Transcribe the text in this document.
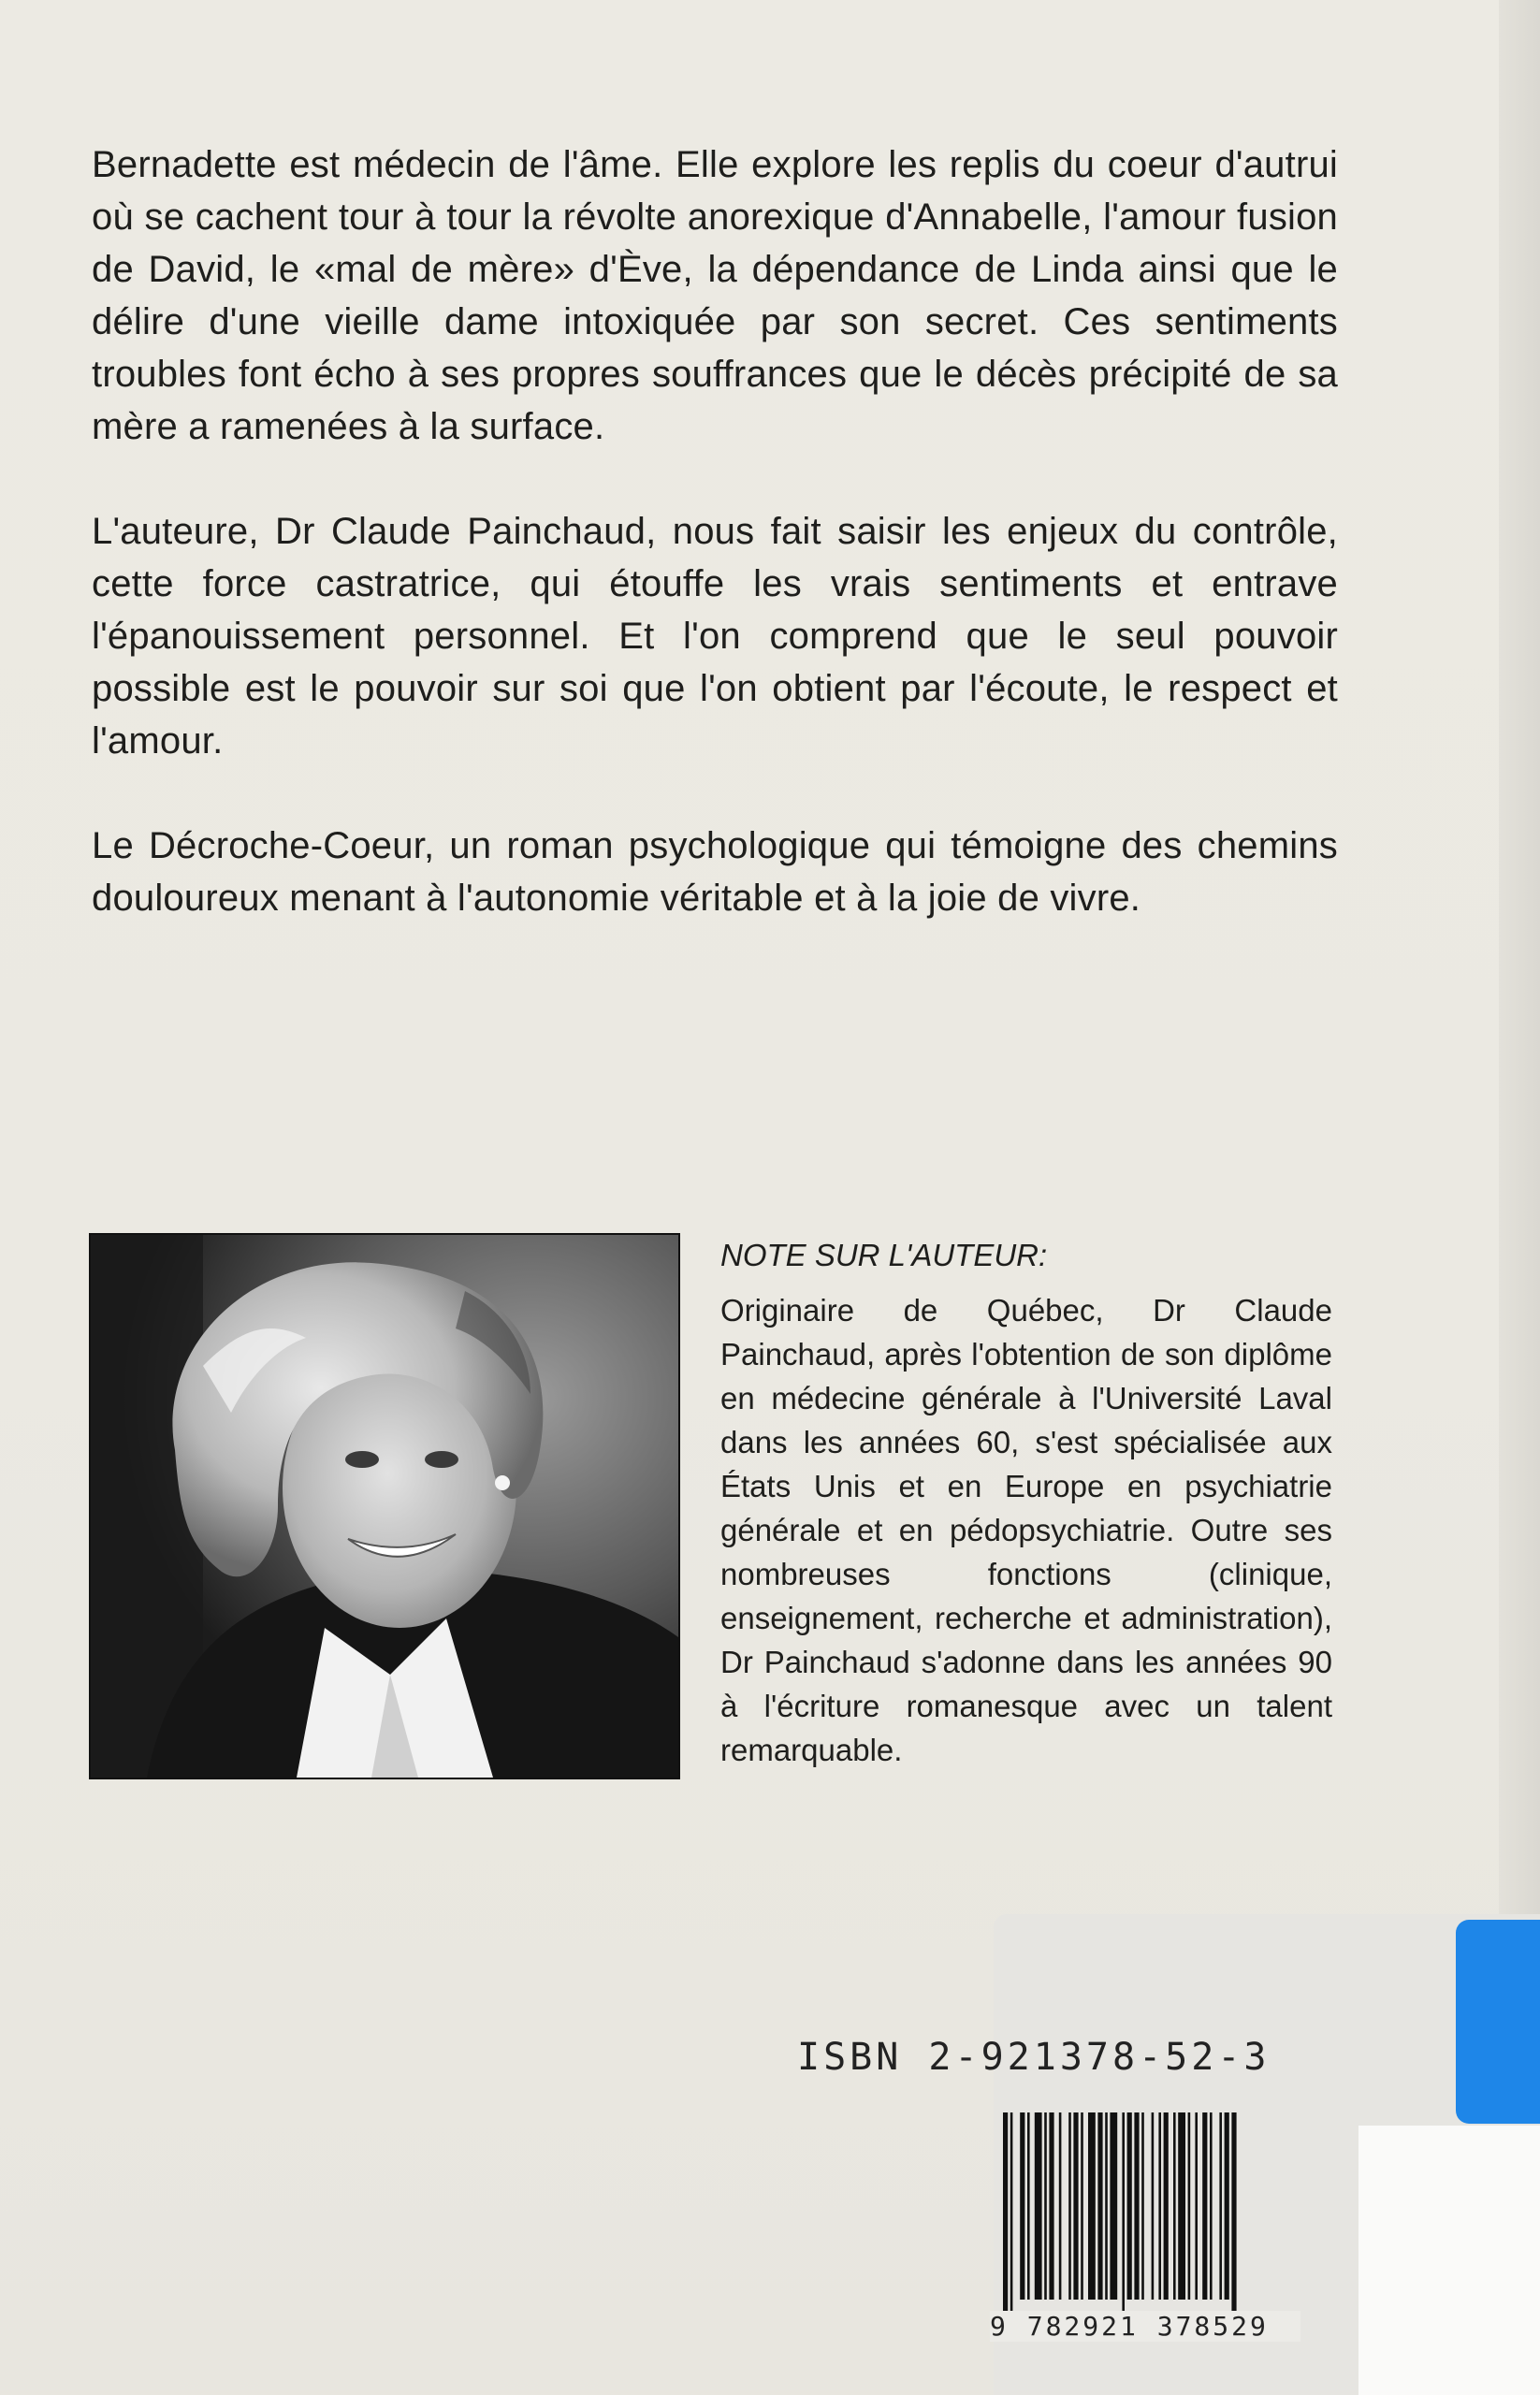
Bernadette est médecin de l'âme. Elle explore les replis du coeur d'autrui où se cachent tour à tour la révolte anorexique d'Annabelle, l'amour fusion de David, le «mal de mère» d'Ève, la dépendance de Linda ainsi que le délire d'une vieille dame intoxiquée par son secret. Ces sentiments troubles font écho à ses propres souffrances que le décès précipité de sa mère a ramenées à la surface.

L'auteure, Dr Claude Painchaud, nous fait saisir les enjeux du contrôle, cette force castratrice, qui étouffe les vrais sentiments et entrave l'épanouissement personnel. Et l'on comprend que le seul pouvoir possible est le pouvoir sur soi que l'on obtient par l'écoute, le respect et l'amour.

Le Décroche-Coeur, un roman psychologique qui témoigne des chemins douloureux menant à l'autonomie véritable et à la joie de vivre.

NOTE SUR L'AUTEUR:

Originaire de Québec, Dr Claude Painchaud, après l'obtention de son diplôme en médecine générale à l'Université Laval dans les années 60, s'est spécialisée aux États Unis et en Europe en psychiatrie générale et en pédopsychiatrie. Outre ses nombreuses fonctions (clinique, enseignement, recherche et administration), Dr Painchaud s'adonne dans les années 90 à l'écriture romanesque avec un talent remarquable.

ISBN 2-921378-52-3
9 782921 378529
